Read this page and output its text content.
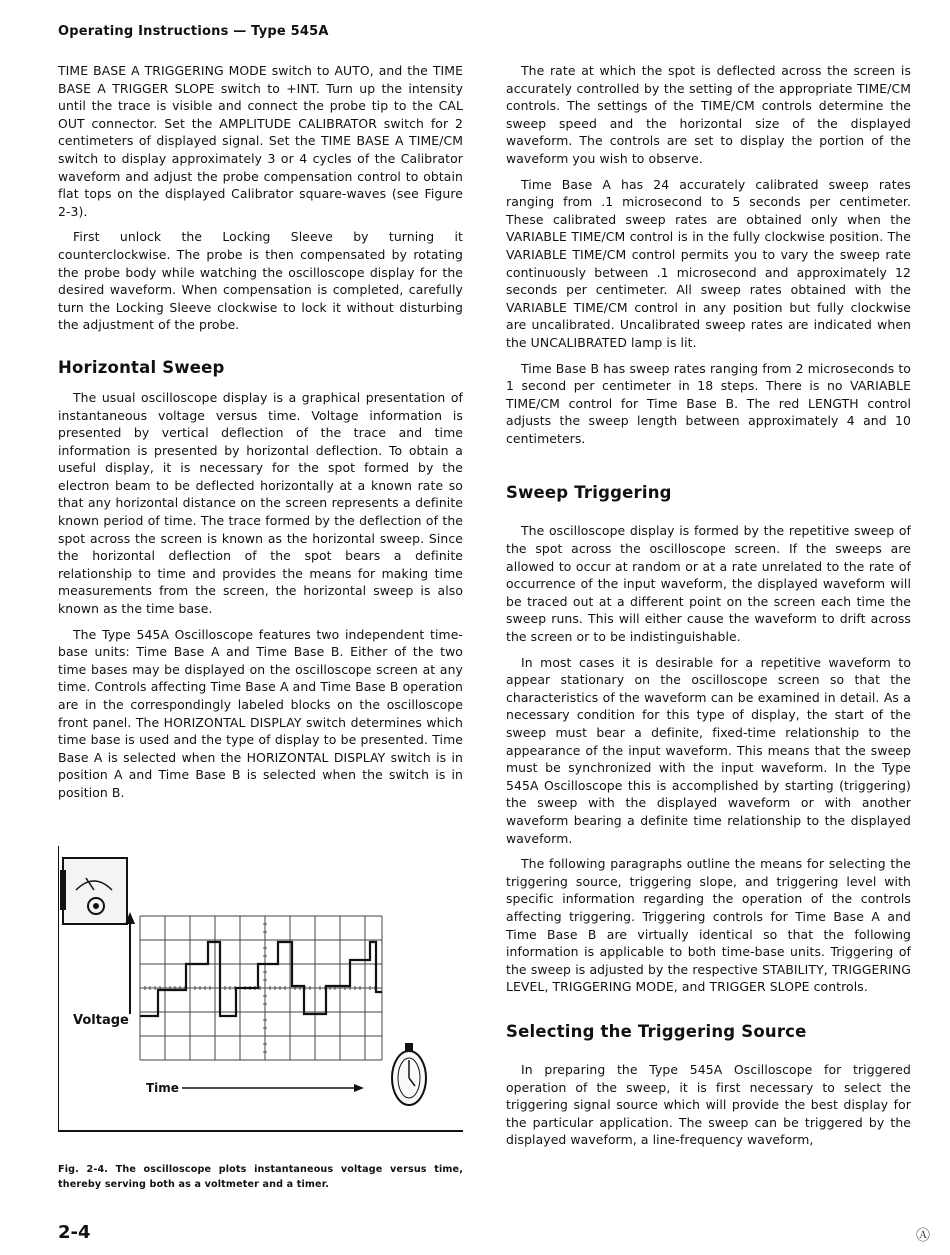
Operating Instructions — Type 545A

TIME BASE A TRIGGERING MODE switch to AUTO, and the TIME BASE A TRIGGER SLOPE switch to +INT. Turn up the intensity until the trace is visible and connect the probe tip to the CAL OUT connector. Set the AMPLITUDE CALIBRATOR switch for 2 centimeters of displayed signal. Set the TIME BASE A TIME/CM switch to display approximately 3 or 4 cycles of the Calibrator waveform and adjust the probe compensation control to obtain flat tops on the displayed Calibrator square-waves (see Figure 2-3).

First unlock the Locking Sleeve by turning it counterclockwise. The probe is then compensated by rotating the probe body while watching the oscilloscope display for the desired waveform. When compensation is completed, carefully turn the Locking Sleeve clockwise to lock it without disturbing the adjustment of the probe.

Horizontal Sweep

The usual oscilloscope display is a graphical presentation of instantaneous voltage versus time. Voltage information is presented by vertical deflection of the trace and time information is presented by horizontal deflection. To obtain a useful display, it is necessary for the spot formed by the electron beam to be deflected horizontally at a known rate so that any horizontal distance on the screen represents a definite known period of time. The trace formed by the deflection of the spot across the screen is known as the horizontal sweep. Since the horizontal deflection of the spot bears a definite relationship to time and provides the means for making time measurements from the screen, the horizontal sweep is also known as the time base.

The Type 545A Oscilloscope features two independent time-base units: Time Base A and Time Base B. Either of the two time bases may be displayed on the oscilloscope screen at any time. Controls affecting Time Base A and Time Base B operation are in the correspondingly labeled blocks on the oscilloscope front panel. The HORIZONTAL DISPLAY switch determines which time base is used and the type of display to be presented. Time Base A is selected when the HORIZONTAL DISPLAY switch is in position A and Time Base B is selected when the switch is in position B.

Voltage
Time
Fig. 2-4. The oscilloscope plots instantaneous voltage versus time, thereby serving both as a voltmeter and a timer.

The rate at which the spot is deflected across the screen is accurately controlled by the setting of the appropriate TIME/CM controls. The settings of the TIME/CM controls determine the sweep speed and the horizontal size of the displayed waveform. The controls are set to display the portion of the waveform you wish to observe.

Time Base A has 24 accurately calibrated sweep rates ranging from .1 microsecond to 5 seconds per centimeter. These calibrated sweep rates are obtained only when the VARIABLE TIME/CM control is in the fully clockwise position. The VARIABLE TIME/CM control permits you to vary the sweep rate continuously between .1 microsecond and approximately 12 seconds per centimeter. All sweep rates obtained with the VARIABLE TIME/CM control in any position but fully clockwise are uncalibrated. Uncalibrated sweep rates are indicated when the UNCALIBRATED lamp is lit.

Time Base B has sweep rates ranging from 2 microseconds to 1 second per centimeter in 18 steps. There is no VARIABLE TIME/CM control for Time Base B. The red LENGTH control adjusts the sweep length between approximately 4 and 10 centimeters.

Sweep Triggering

The oscilloscope display is formed by the repetitive sweep of the spot across the oscilloscope screen. If the sweeps are allowed to occur at random or at a rate unrelated to the rate of occurrence of the input waveform, the displayed waveform will be traced out at a different point on the screen each time the sweep runs. This will either cause the waveform to drift across the screen or to be indistinguishable.

In most cases it is desirable for a repetitive waveform to appear stationary on the oscilloscope screen so that the characteristics of the waveform can be examined in detail. As a necessary condition for this type of display, the start of the sweep must bear a definite, fixed-time relationship to the appearance of the input waveform. This means that the sweep must be synchronized with the input waveform. In the Type 545A Oscilloscope this is accomplished by starting (triggering) the sweep with the displayed waveform or with another waveform bearing a definite time relationship to the displayed waveform.

The following paragraphs outline the means for selecting the triggering source, triggering slope, and triggering level with specific information regarding the operation of the controls affecting triggering. Triggering controls for Time Base A and Time Base B are virtually identical so that the following information is applicable to both time-base units. Triggering of the sweep is adjusted by the respective STABILITY, TRIGGERING LEVEL, TRIGGERING MODE, and TRIGGER SLOPE controls.

Selecting the Triggering Source

In preparing the Type 545A Oscilloscope for triggered operation of the sweep, it is first necessary to select the triggering signal source which will provide the best display for the particular application. The sweep can be triggered by the displayed waveform, a line-frequency waveform,

2-4	Ⓐ
